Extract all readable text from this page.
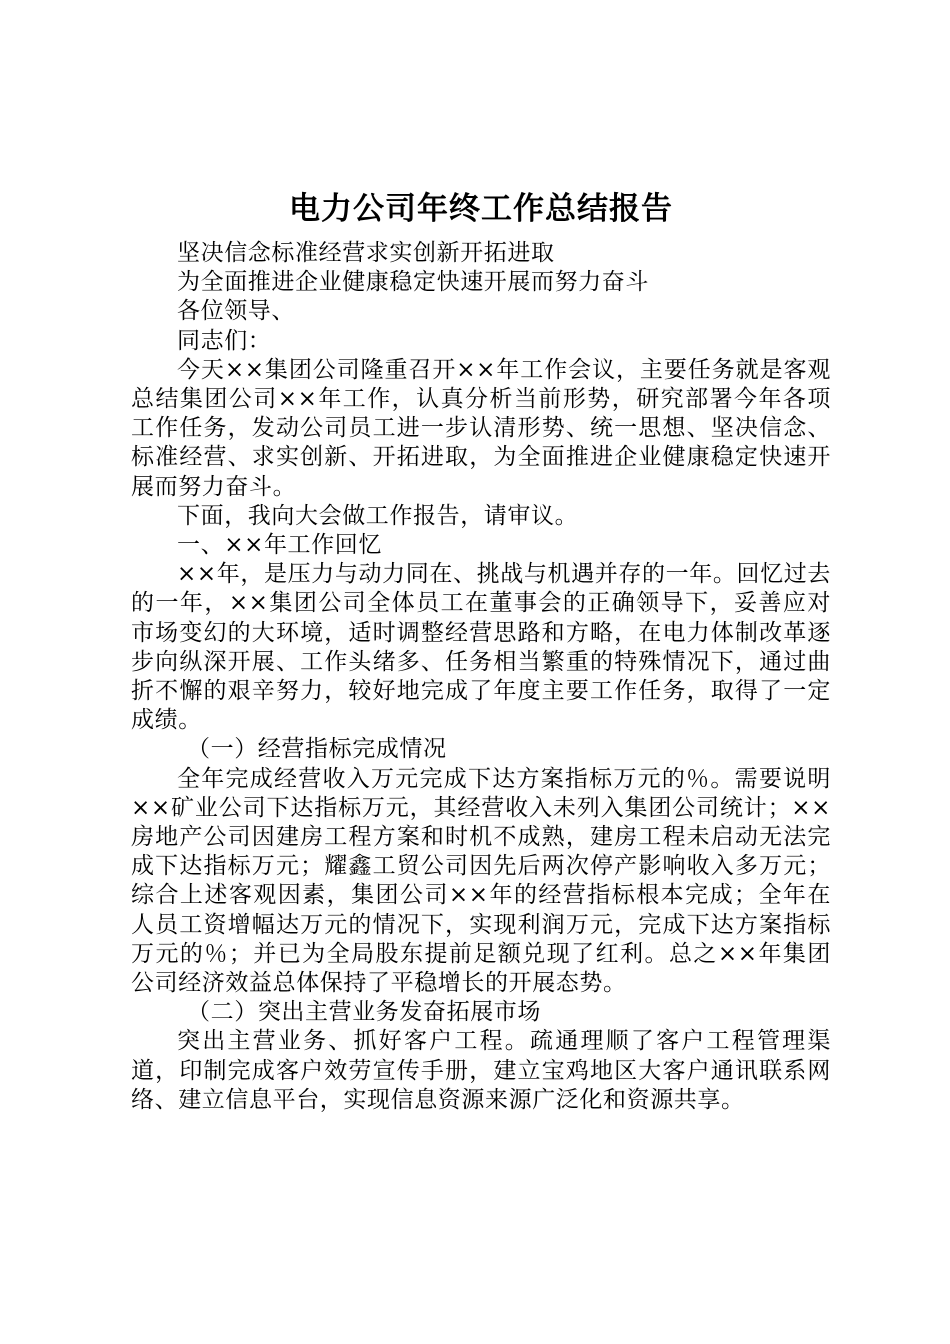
电力公司年终工作总结报告

坚决信念标准经营求实创新开拓进取

为全面推进企业健康稳定快速开展而努力奋斗

各位领导、

同志们：

今天××集团公司隆重召开××年工作会议，主要任务就是客观总结集团公司××年工作，认真分析当前形势，研究部署今年各项工作任务，发动公司员工进一步认清形势、统一思想、坚决信念、标准经营、求实创新、开拓进取，为全面推进企业健康稳定快速开展而努力奋斗。

下面，我向大会做工作报告，请审议。

一、××年工作回忆

××年，是压力与动力同在、挑战与机遇并存的一年。回忆过去的一年，××集团公司全体员工在董事会的正确领导下，妥善应对市场变幻的大环境，适时调整经营思路和方略，在电力体制改革逐步向纵深开展、工作头绪多、任务相当繁重的特殊情况下，通过曲折不懈的艰辛努力，较好地完成了年度主要工作任务，取得了一定成绩。

（一）经营指标完成情况

全年完成经营收入万元完成下达方案指标万元的％。需要说明××矿业公司下达指标万元，其经营收入未列入集团公司统计；××房地产公司因建房工程方案和时机不成熟，建房工程未启动无法完成下达指标万元；耀鑫工贸公司因先后两次停产影响收入多万元；综合上述客观因素，集团公司××年的经营指标根本完成；全年在人员工资增幅达万元的情况下，实现利润万元，完成下达方案指标万元的％；并已为全局股东提前足额兑现了红利。总之××年集团公司经济效益总体保持了平稳增长的开展态势。

（二）突出主营业务发奋拓展市场

突出主营业务、抓好客户工程。疏通理顺了客户工程管理渠道，印制完成客户效劳宣传手册，建立宝鸡地区大客户通讯联系网络、建立信息平台，实现信息资源来源广泛化和资源共享。
